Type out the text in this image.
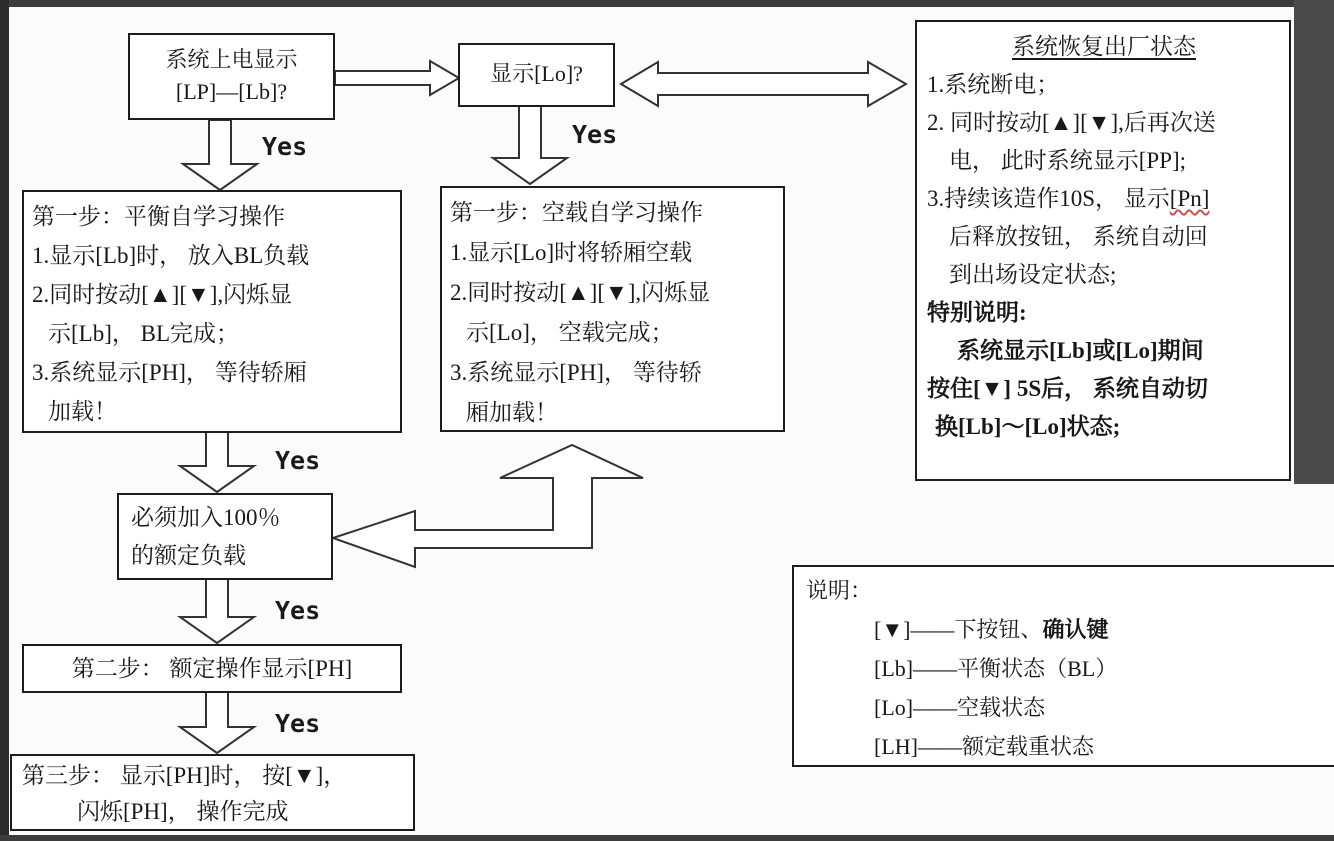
系统上电显示
[LP]—[Lb]?
显示[Lo]?
系统恢复出厂状态
1.系统断电；
2. 同时按动[▲][▼],后再次送
电， 此时系统显示[PP];
3.持续该造作10S， 显示[Pn]
后释放按钮， 系统自动回
到出场设定状态;
特别说明:
系统显示[Lb]或[Lo]期间
按住[▼] 5S后， 系统自动切
换[Lb]～[Lo]状态;
第一步：平衡自学习操作
1.显示[Lb]时， 放入BL负载
2.同时按动[▲][▼],闪烁显
示[Lb]， BL完成；
3.系统显示[PH]， 等待轿厢
加载！
第一步：空载自学习操作
1.显示[Lo]时将轿厢空载
2.同时按动[▲][▼],闪烁显
示[Lo]， 空载完成；
3.系统显示[PH]， 等待轿
厢加载！
必须加入100％
的额定负载
第二步： 额定操作显示[PH]
第三步： 显示[PH]时， 按[▼]，
闪烁[PH]， 操作完成
说明：
[▼]——下按钮、确认键
[Lb]——平衡状态（BL）
[Lo]——空载状态
[LH]——额定载重状态
Yes	Yes
Yes
Yes
Yes
